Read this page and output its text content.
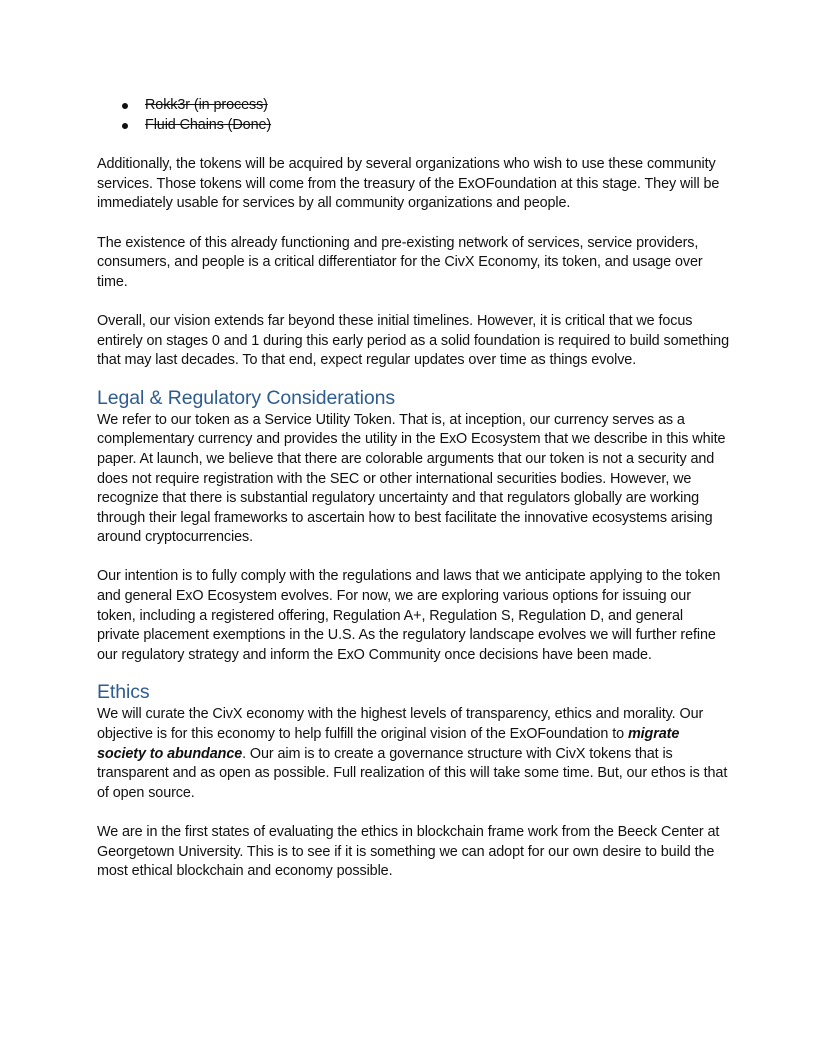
Rokk3r (in process)
Fluid Chains (Done)

Additionally, the tokens will be acquired by several organizations who wish to use these community services. Those tokens will come from the treasury of the ExOFoundation at this stage. They will be immediately usable for services by all community organizations and people.

The existence of this already functioning and pre-existing network of services, service providers, consumers, and people is a critical differentiator for the CivX Economy, its token, and usage over time.

Overall, our vision extends far beyond these initial timelines. However, it is critical that we focus entirely on stages 0 and 1 during this early period as a solid foundation is required to build something that may last decades. To that end, expect regular updates over time as things evolve.

Legal & Regulatory Considerations

We refer to our token as a Service Utility Token. That is, at inception, our currency serves as a complementary currency and provides the utility in the ExO Ecosystem that we describe in this white paper. At launch, we believe that there are colorable arguments that our token is not a security and does not require registration with the SEC or other international securities bodies. However, we recognize that there is substantial regulatory uncertainty and that regulators globally are working through their legal frameworks to ascertain how to best facilitate the innovative ecosystems arising around cryptocurrencies.

Our intention is to fully comply with the regulations and laws that we anticipate applying to the token and general ExO Ecosystem evolves. For now, we are exploring various options for issuing our token, including a registered offering, Regulation A+, Regulation S, Regulation D, and general private placement exemptions in the U.S. As the regulatory landscape evolves we will further refine our regulatory strategy and inform the ExO Community once decisions have been made.

Ethics

We will curate the CivX economy with the highest levels of transparency, ethics and morality. Our objective is for this economy to help fulfill the original vision of the ExOFoundation to migrate society to abundance. Our aim is to create a governance structure with CivX tokens that is transparent and as open as possible. Full realization of this will take some time. But, our ethos is that of open source.

We are in the first states of evaluating the ethics in blockchain frame work from the Beeck Center at Georgetown University. This is to see if it is something we can adopt for our own desire to build the most ethical blockchain and economy possible.
